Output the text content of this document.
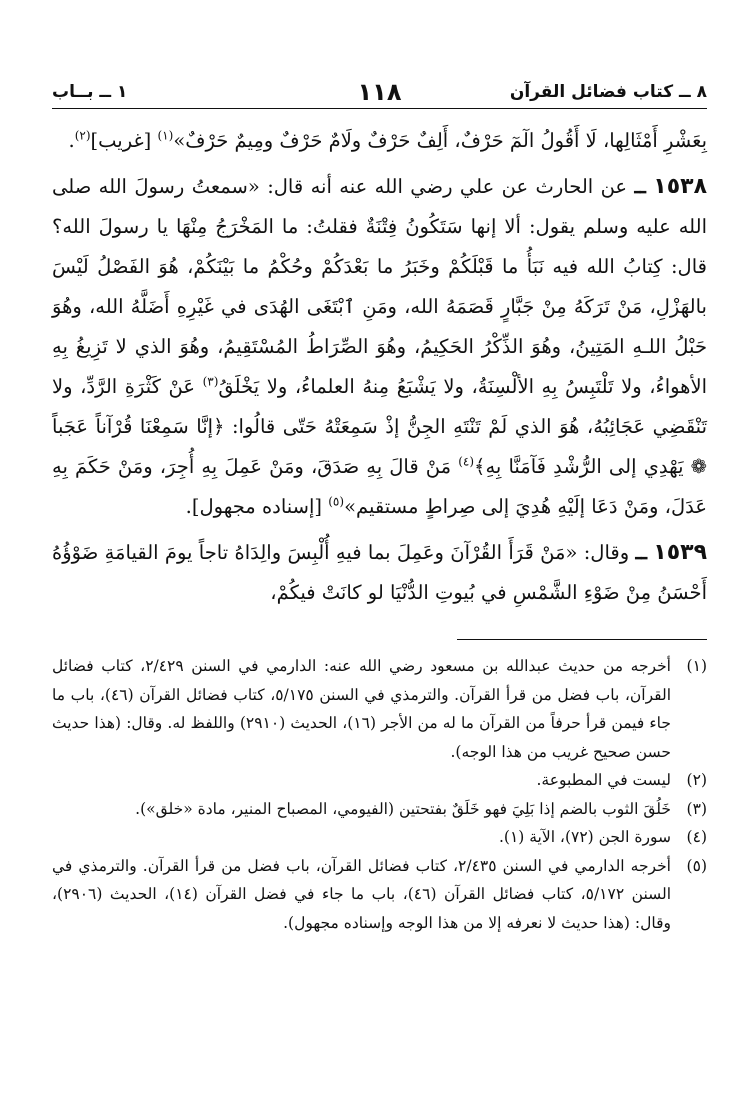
٨ ــ كتاب فضائل القرآن
١١٨
١ ــ بــاب

بِعَشْرِ أَمْثَالِها، لَا أَقُولُ الٓمٓ حَرْفٌ، أَلِفٌ حَرْفٌ ولَامٌ حَرْفٌ ومِيمٌ حَرْفٌ»$^{(١)}$ [غريب]$^{(٢)}$.

١٥٣٨ ــ عن الحارث عن علي رضي الله عنه أنه قال: «سمعتُ رسولَ الله صلى الله عليه وسلم يقول: ألا إنها سَتَكُونُ فِتْنَةٌ فقلتُ: ما المَخْرَجُ مِنْهَا يا رسولَ الله؟ قال: كِتابُ الله فيه نَبَأُ ما قَبْلَكُمْ وخَبَرُ ما بَعْدَكُمْ وحُكْمُ ما بَيْنَكُمْ، هُوَ الفَصْلُ لَيْسَ بالهَزْلِ، مَنْ تَرَكَهُ مِنْ جَبَّارٍ قَصَمَهُ الله، ومَنِ ٱبْتَغَى الهُدَى في غَيْرِهِ أَضَلَّهُ الله، وهُوَ حَبْلُ اللـهِ المَتِينُ، وهُوَ الذِّكْرُ الحَكِيمُ، وهُوَ الصِّرَاطُ المُسْتَقِيمُ، وهُوَ الذي لا تَزِيغُ بِهِ الأهواءُ، ولا تَلْتَبِسُ بِهِ الألْسِنَةُ، ولا يَشْبَعُ مِنهُ العلماءُ، ولا يَخْلَقُ$^{(٣)}$ عَنْ كَثْرَةِ الرَّدِّ، ولا تَنْقَضِي عَجَائِبُهُ، هُوَ الذي لَمْ تَنْتَهِ الجِنُّ إذْ سَمِعَتْهُ حَتّى قالُوا: ﴿إنَّا سَمِعْنَا قُرْآناً عَجَباً ❁ يَهْدِي إلى الرُّشْدِ فَآمَنَّا بِهِ﴾$^{(٤)}$ مَنْ قالَ بِهِ صَدَقَ، ومَنْ عَمِلَ بِهِ أُجِرَ، ومَنْ حَكَمَ بِهِ عَدَلَ، ومَنْ دَعَا إلَيْهِ هُدِيَ إلى صِراطٍ مستقيم»$^{(٥)}$ [إسناده مجهول].

١٥٣٩ ــ وقال: «مَنْ قَرَأَ القُرْآنَ وعَمِلَ بما فيهِ أُلْبِسَ والِدَاهُ تاجاً يومَ القيامَةِ ضَوْؤُهُ أَحْسَنُ مِنْ ضَوْءِ الشَّمْسِ في بُيوتِ الدُّنْيَا لو كانَتْ فيكُمْ،

(١)
أخرجه من حديث عبدالله بن مسعود رضي الله عنه: الدارمي في السنن ٢/٤٢٩، كتاب فضائل القرآن، باب فضل من قرأ القرآن. والترمذي في السنن ٥/١٧٥، كتاب فضائل القرآن (٤٦)، باب ما جاء فيمن قرأ حرفاً من القرآن ما له من الأجر (١٦)، الحديث (٢٩١٠) واللفظ له. وقال: (هذا حديث حسن صحيح غريب من هذا الوجه).
(٢)
ليست في المطبوعة.
(٣)
خَلُقَ الثوب بالضم إذا بَلِيَ فهو خَلَقٌ بفتحتين (الفيومي، المصباح المنير، مادة «خلق»).
(٤)
سورة الجن (٧٢)، الآية (١).
(٥)
أخرجه الدارمي في السنن ٢/٤٣٥، كتاب فضائل القرآن، باب فضل من قرأ القرآن. والترمذي في السنن ٥/١٧٢، كتاب فضائل القرآن (٤٦)، باب ما جاء في فضل القرآن (١٤)، الحديث (٢٩٠٦)، وقال: (هذا حديث لا نعرفه إلا من هذا الوجه وإسناده مجهول).
